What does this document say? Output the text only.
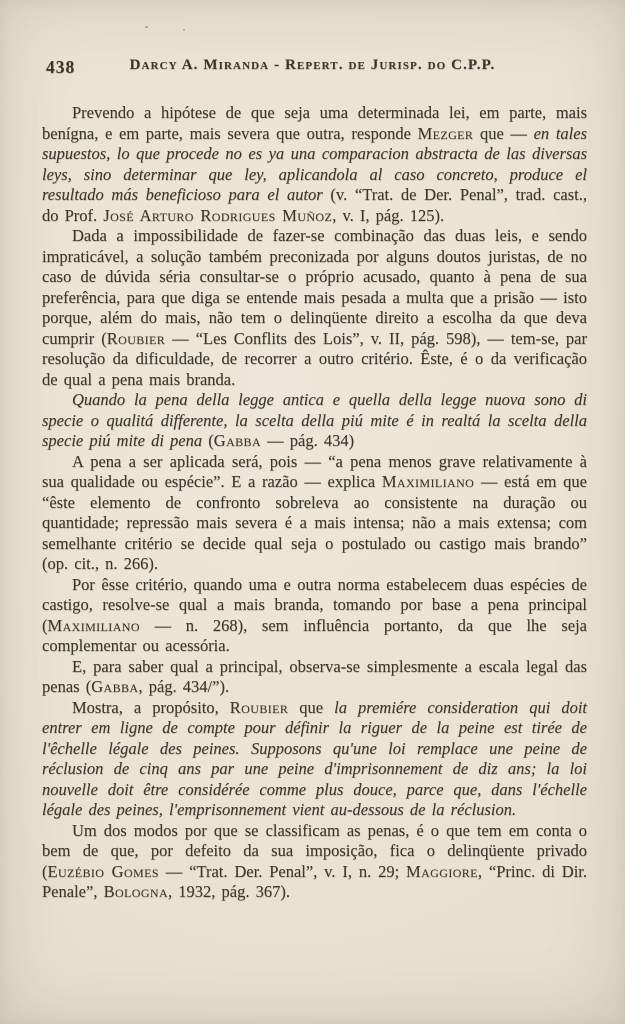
438	Darcy A. Miranda - Repert. de Jurisp. do C.P.P.

Prevendo a hipótese de que seja uma determinada lei, em parte, mais benígna, e em parte, mais severa que outra, responde Mezger que — en tales supuestos, lo que procede no es ya una comparacion abstracta de las diversas leys, sino determinar que ley, aplicandola al caso concreto, produce el resultado más beneficioso para el autor (v. “Trat. de Der. Penal”, trad. cast., do Prof. José Arturo Rodrigues Muñoz, v. I, pág. 125).

Dada a impossibilidade de fazer-se combinação das duas leis, e sendo impraticável, a solução também preconizada por alguns doutos juristas, de no caso de dúvida séria consultar-se o próprio acusado, quanto à pena de sua preferência, para que diga se entende mais pesada a multa que a prisão — isto porque, além do mais, não tem o delinqüente direito a escolha da que deva cumprir (Roubier — “Les Conflits des Lois”, v. II, pág. 598), — tem-se, par resolução da dificuldade, de recorrer a outro critério. Êste, é o da verificação de qual a pena mais branda.

Quando la pena della legge antica e quella della legge nuova sono di specie o qualitá differente, la scelta della piú mite é in realtá la scelta della specie piú mite di pena (Gabba — pág. 434)

A pena a ser aplicada será, pois — “a pena menos grave relativamente à sua qualidade ou espécie”. E a razão — explica Maximiliano — está em que “êste elemento de confronto sobreleva ao consistente na duração ou quantidade; repressão mais severa é a mais intensa; não a mais extensa; com semelhante critério se decide qual seja o postulado ou castigo mais brando” (op. cit., n. 266).

Por êsse critério, quando uma e outra norma estabelecem duas espécies de castigo, resolve-se qual a mais branda, tomando por base a pena principal (Maximiliano — n. 268), sem influência portanto, da que lhe seja complementar ou acessória.

E, para saber qual a principal, observa-se simplesmente a escala legal das penas (Gabba, pág. 434/”).

Mostra, a propósito, Roubier que la premiére consideration qui doit entrer em ligne de compte pour définir la riguer de la peine est tirée de l'êchelle légale des peines. Supposons qu'une loi remplace une peine de réclusion de cinq ans par une peine d'imprisonnement de diz ans; la loi nouvelle doit être considérée comme plus douce, parce que, dans l'échelle légale des peines, l'emprisonnement vient au-dessous de la réclusion.

Um dos modos por que se classificam as penas, é o que tem em conta o bem de que, por defeito da sua imposição, fica o delinqüente privado (Euzébio Gomes — “Trat. Der. Penal”, v. I, n. 29; Maggiore, “Princ. di Dir. Penale”, Bologna, 1932, pág. 367).
